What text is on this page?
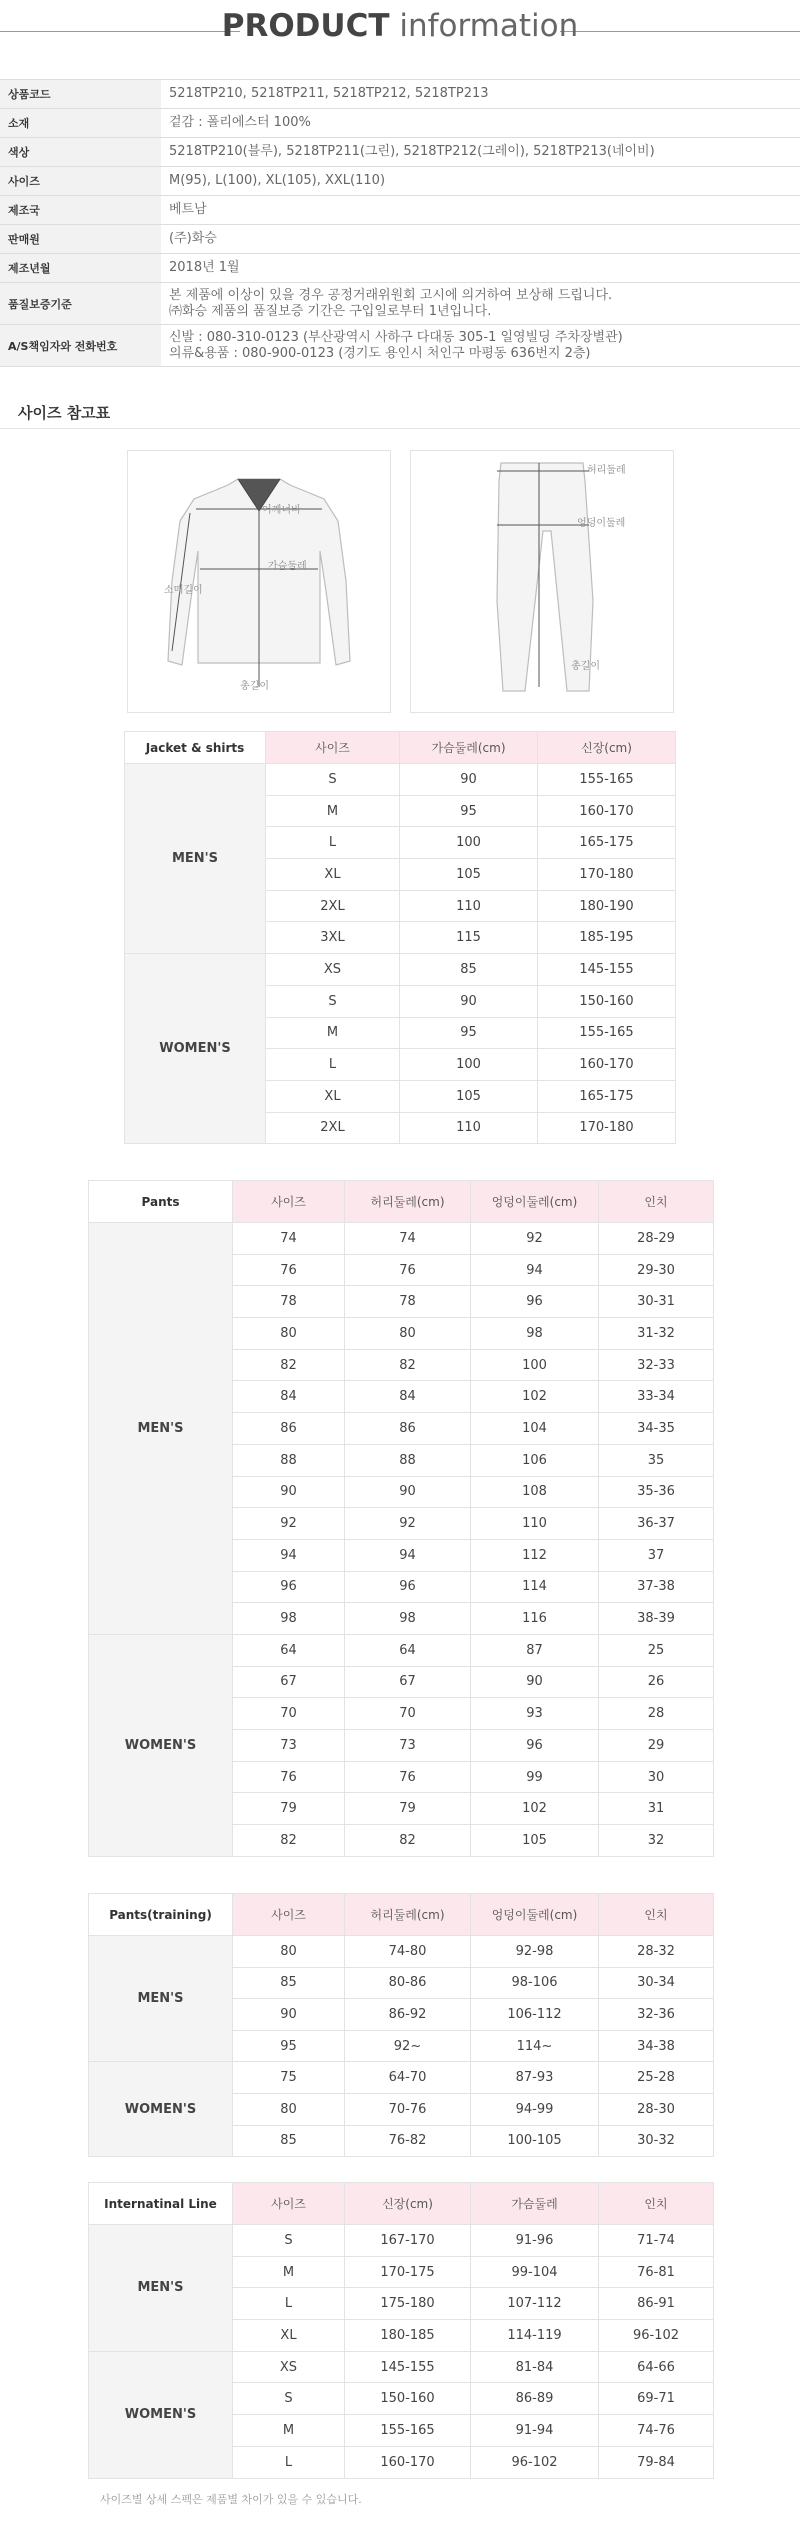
PRODUCT information
상품코드	5218TP210, 5218TP211, 5218TP212, 5218TP213
소재	겉감 : 폴리에스터 100%
색상	5218TP210(블루), 5218TP211(그린), 5218TP212(그레이), 5218TP213(네이비)
사이즈	M(95), L(100), XL(105), XXL(110)
제조국	베트남
판매원	(주)화승
제조년월	2018년 1월
품질보증기준	본 제품에 이상이 있을 경우 공정거래위원회 고시에 의거하여 보상해 드립니다.
㈜화승 제품의 품질보증 기간은 구입일로부터 1년입니다.

A/S책임자와 전화번호	신발 : 080-310-0123 (부산광역시 사하구 다대동 305-1 일영빌딩 주차장별관)
의류&용품 : 080-900-0123 (경기도 용인시 처인구 마평동 636번지 2층)
사이즈 참고표
어깨너비
가슴둘레
소매길이
총길이
허리둘레
엉덩이둘레
총길이
Jacket & shirts	사이즈	가슴둘레(cm)	신장(cm)
MEN'S	S	90	155-165
	M	95	160-170
	L	100	165-175
	XL	105	170-180
	2XL	110	180-190
	3XL	115	185-195
WOMEN'S	XS	85	145-155
	S	90	150-160
	M	95	155-165
	L	100	160-170
	XL	105	165-175
	2XL	110	170-180
Pants	사이즈	허리둘레(cm)	엉덩이둘레(cm)	인치
MEN'S	74	74	92	28-29
	76	76	94	29-30
	78	78	96	30-31
	80	80	98	31-32
	82	82	100	32-33
	84	84	102	33-34
	86	86	104	34-35
	88	88	106	35
	90	90	108	35-36
	92	92	110	36-37
	94	94	112	37
	96	96	114	37-38
	98	98	116	38-39
WOMEN'S	64	64	87	25
	67	67	90	26
	70	70	93	28
	73	73	96	29
	76	76	99	30
	79	79	102	31
	82	82	105	32
Pants(training)	사이즈	허리둘레(cm)	엉덩이둘레(cm)	인치
MEN'S	80	74-80	92-98	28-32
	85	80-86	98-106	30-34
	90	86-92	106-112	32-36
	95	92~	114~	34-38
WOMEN'S	75	64-70	87-93	25-28
	80	70-76	94-99	28-30
	85	76-82	100-105	30-32
Internatinal Line	사이즈	신장(cm)	가슴둘레	인치
MEN'S	S	167-170	91-96	71-74
	M	170-175	99-104	76-81
	L	175-180	107-112	86-91
	XL	180-185	114-119	96-102
WOMEN'S	XS	145-155	81-84	64-66
	S	150-160	86-89	69-71
	M	155-165	91-94	74-76
	L	160-170	96-102	79-84
사이즈별 상세 스펙은 제품별 차이가 있을 수 있습니다.
